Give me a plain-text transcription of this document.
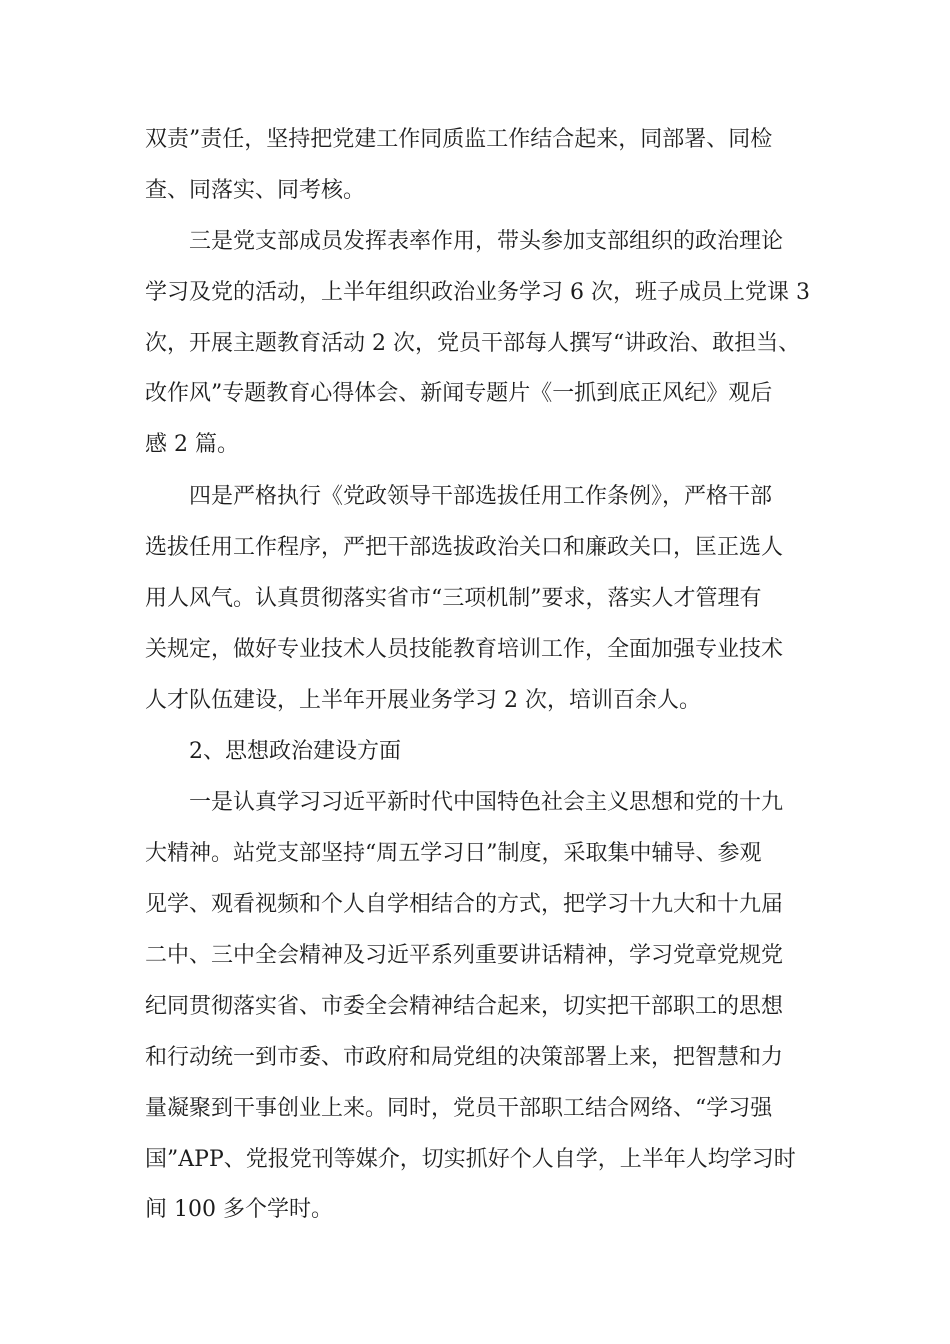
双责”责任，坚持把党建工作同质监工作结合起来，同部署、同检

查、同落实、同考核。

三是党支部成员发挥表率作用，带头参加支部组织的政治理论

学习及党的活动，上半年组织政治业务学习 6 次，班子成员上党课 3

次，开展主题教育活动 2 次，党员干部每人撰写“讲政治、敢担当、

改作风”专题教育心得体会、新闻专题片《一抓到底正风纪》观后

感 2 篇。

四是严格执行《党政领导干部选拔任用工作条例》，严格干部

选拔任用工作程序，严把干部选拔政治关口和廉政关口，匡正选人

用人风气。认真贯彻落实省市“三项机制”要求，落实人才管理有

关规定，做好专业技术人员技能教育培训工作，全面加强专业技术

人才队伍建设，上半年开展业务学习 2 次，培训百余人。

2、思想政治建设方面

一是认真学习习近平新时代中国特色社会主义思想和党的十九

大精神。站党支部坚持“周五学习日”制度，采取集中辅导、参观

见学、观看视频和个人自学相结合的方式，把学习十九大和十九届

二中、三中全会精神及习近平系列重要讲话精神，学习党章党规党

纪同贯彻落实省、市委全会精神结合起来，切实把干部职工的思想

和行动统一到市委、市政府和局党组的决策部署上来，把智慧和力

量凝聚到干事创业上来。同时，党员干部职工结合网络、“学习强

国”APP、党报党刊等媒介，切实抓好个人自学，上半年人均学习时

间 100 多个学时。
